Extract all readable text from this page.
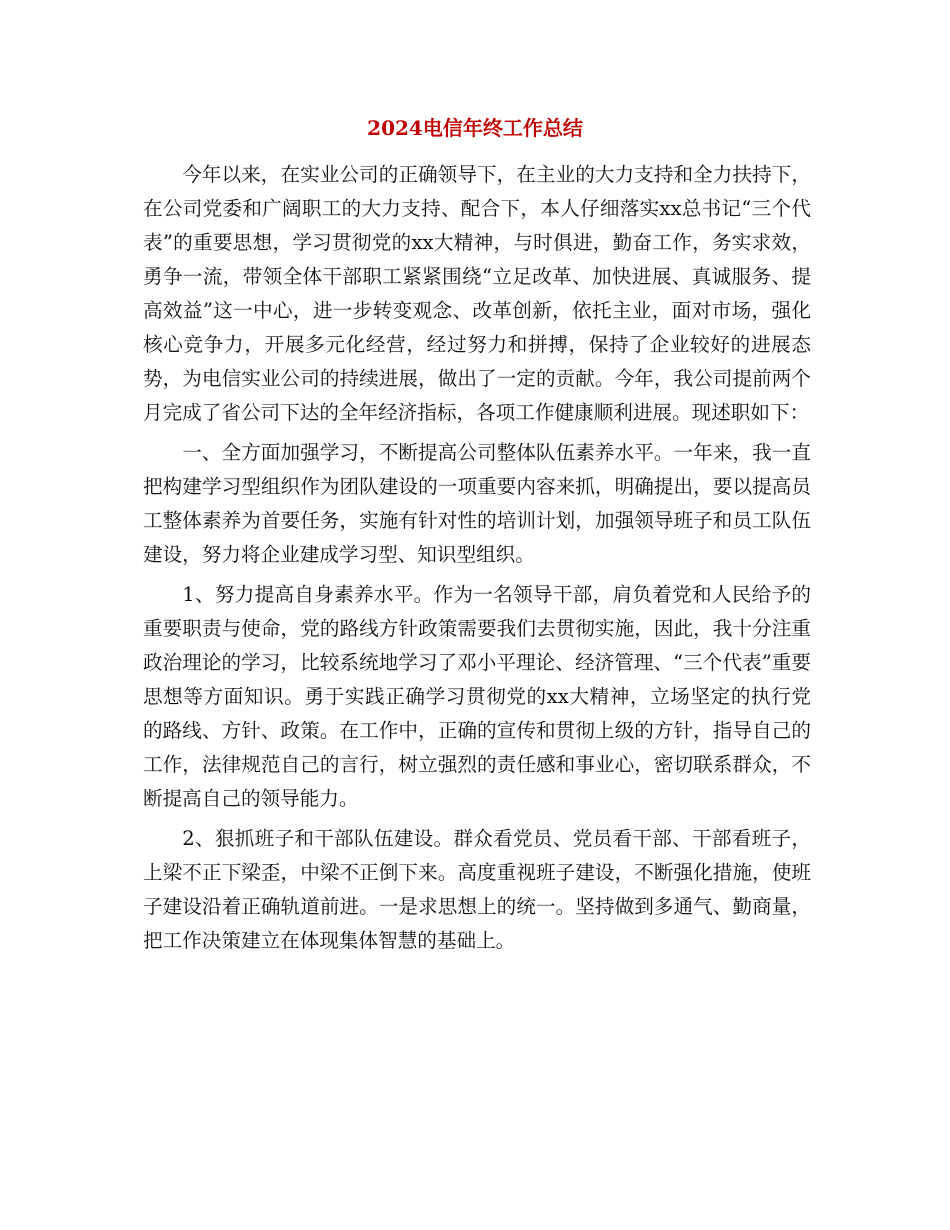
2024电信年终工作总结

今年以来，在实业公司的正确领导下，在主业的大力支持和全力扶持下，在公司党委和广阔职工的大力支持、配合下，本人仔细落实xx总书记“三个代表”的重要思想，学习贯彻党的xx大精神，与时俱进，勤奋工作，务实求效，勇争一流，带领全体干部职工紧紧围绕“立足改革、加快进展、真诚服务、提高效益”这一中心，进一步转变观念、改革创新，依托主业，面对市场，强化核心竞争力，开展多元化经营，经过努力和拼搏，保持了企业较好的进展态势，为电信实业公司的持续进展，做出了一定的贡献。今年，我公司提前两个月完成了省公司下达的全年经济指标，各项工作健康顺利进展。现述职如下：

一、全方面加强学习，不断提高公司整体队伍素养水平。一年来，我一直把构建学习型组织作为团队建设的一项重要内容来抓，明确提出，要以提高员工整体素养为首要任务，实施有针对性的培训计划，加强领导班子和员工队伍建设，努力将企业建成学习型、知识型组织。

1、努力提高自身素养水平。作为一名领导干部，肩负着党和人民给予的重要职责与使命，党的路线方针政策需要我们去贯彻实施，因此，我十分注重政治理论的学习，比较系统地学习了邓小平理论、经济管理、“三个代表”重要思想等方面知识。勇于实践正确学习贯彻党的xx大精神，立场坚定的执行党的路线、方针、政策。在工作中，正确的宣传和贯彻上级的方针，指导自己的工作，法律规范自己的言行，树立强烈的责任感和事业心，密切联系群众，不断提高自己的领导能力。

2、狠抓班子和干部队伍建设。群众看党员、党员看干部、干部看班子，上梁不正下梁歪，中梁不正倒下来。高度重视班子建设，不断强化措施，使班子建设沿着正确轨道前进。一是求思想上的统一。坚持做到多通气、勤商量，把工作决策建立在体现集体智慧的基础上。
